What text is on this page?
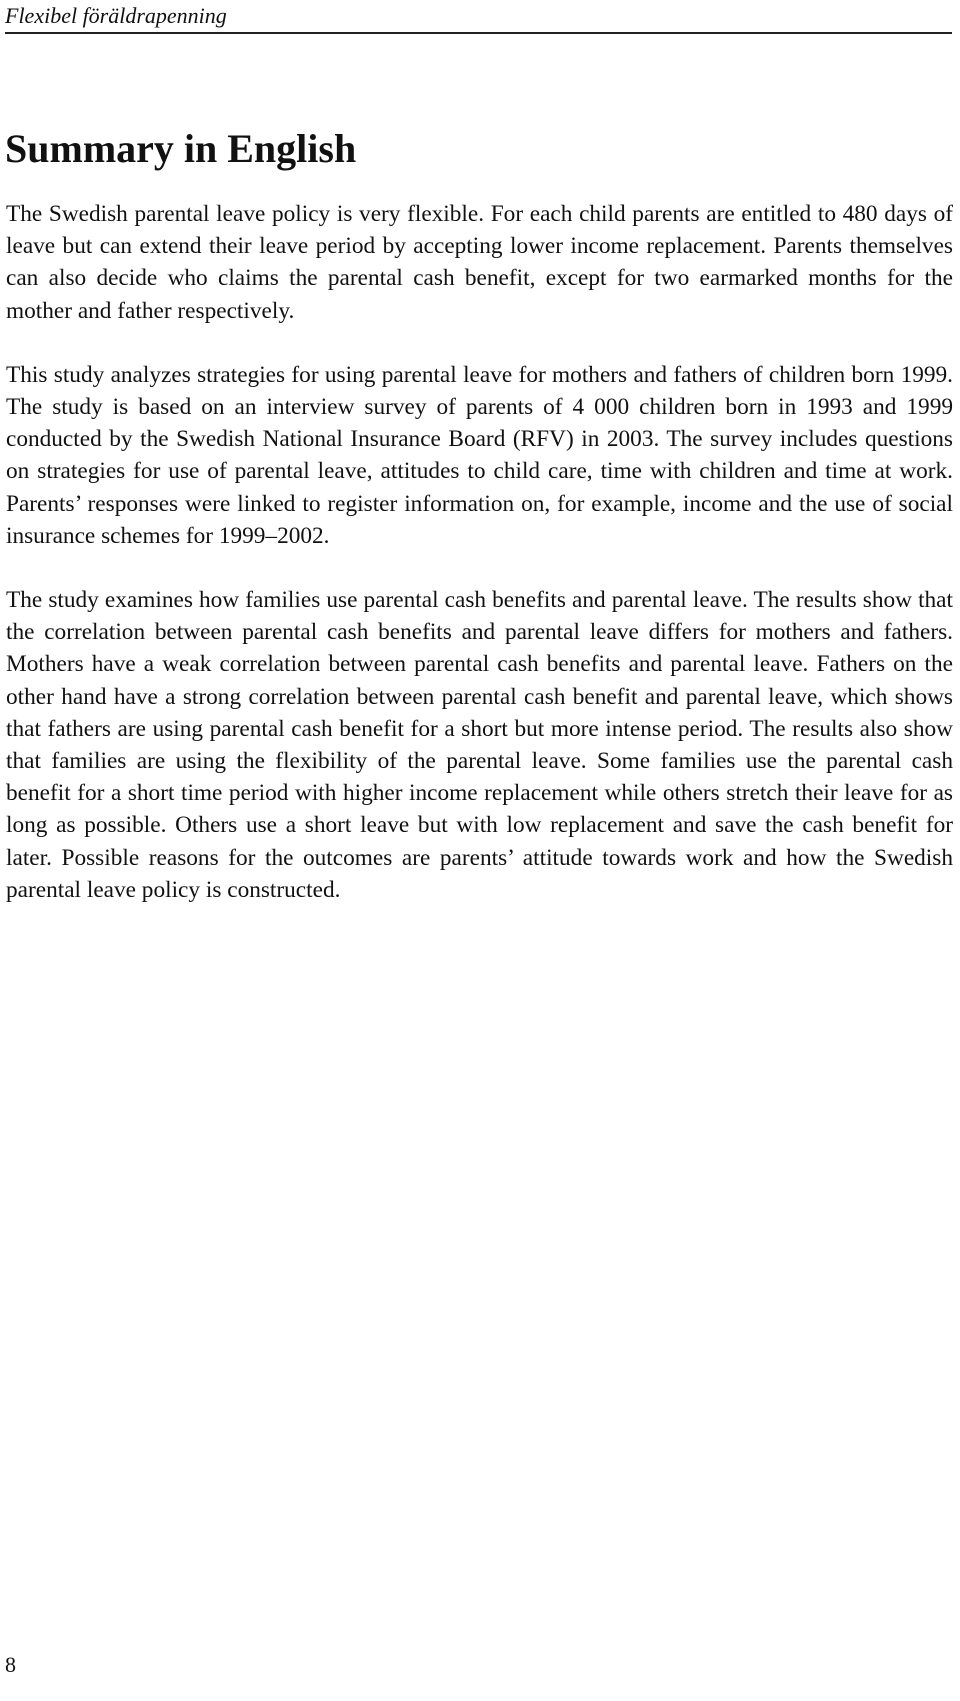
Flexibel föräldrapenning
Summary in English

The Swedish parental leave policy is very flexible. For each child parents are entitled to 480 days of leave but can extend their leave period by accepting lower income replacement. Parents themselves can also decide who claims the parental cash benefit, except for two earmarked months for the mother and father respectively.

This study analyzes strategies for using parental leave for mothers and fathers of children born 1999. The study is based on an interview survey of parents of 4 000 children born in 1993 and 1999 conducted by the Swedish National Insurance Board (RFV) in 2003. The survey includes questions on strategies for use of parental leave, attitudes to child care, time with children and time at work. Parents’ responses were linked to register information on, for example, income and the use of social insurance schemes for 1999–2002.

The study examines how families use parental cash benefits and parental leave. The results show that the correlation between parental cash benefits and parental leave differs for mothers and fathers. Mothers have a weak correlation between parental cash benefits and parental leave. Fathers on the other hand have a strong correlation between parental cash benefit and parental leave, which shows that fathers are using parental cash benefit for a short but more intense period. The results also show that families are using the flexibility of the parental leave. Some families use the parental cash benefit for a short time period with higher income replacement while others stretch their leave for as long as possible. Others use a short leave but with low replacement and save the cash benefit for later. Possible reasons for the outcomes are parents’ attitude towards work and how the Swedish parental leave policy is constructed.

8
